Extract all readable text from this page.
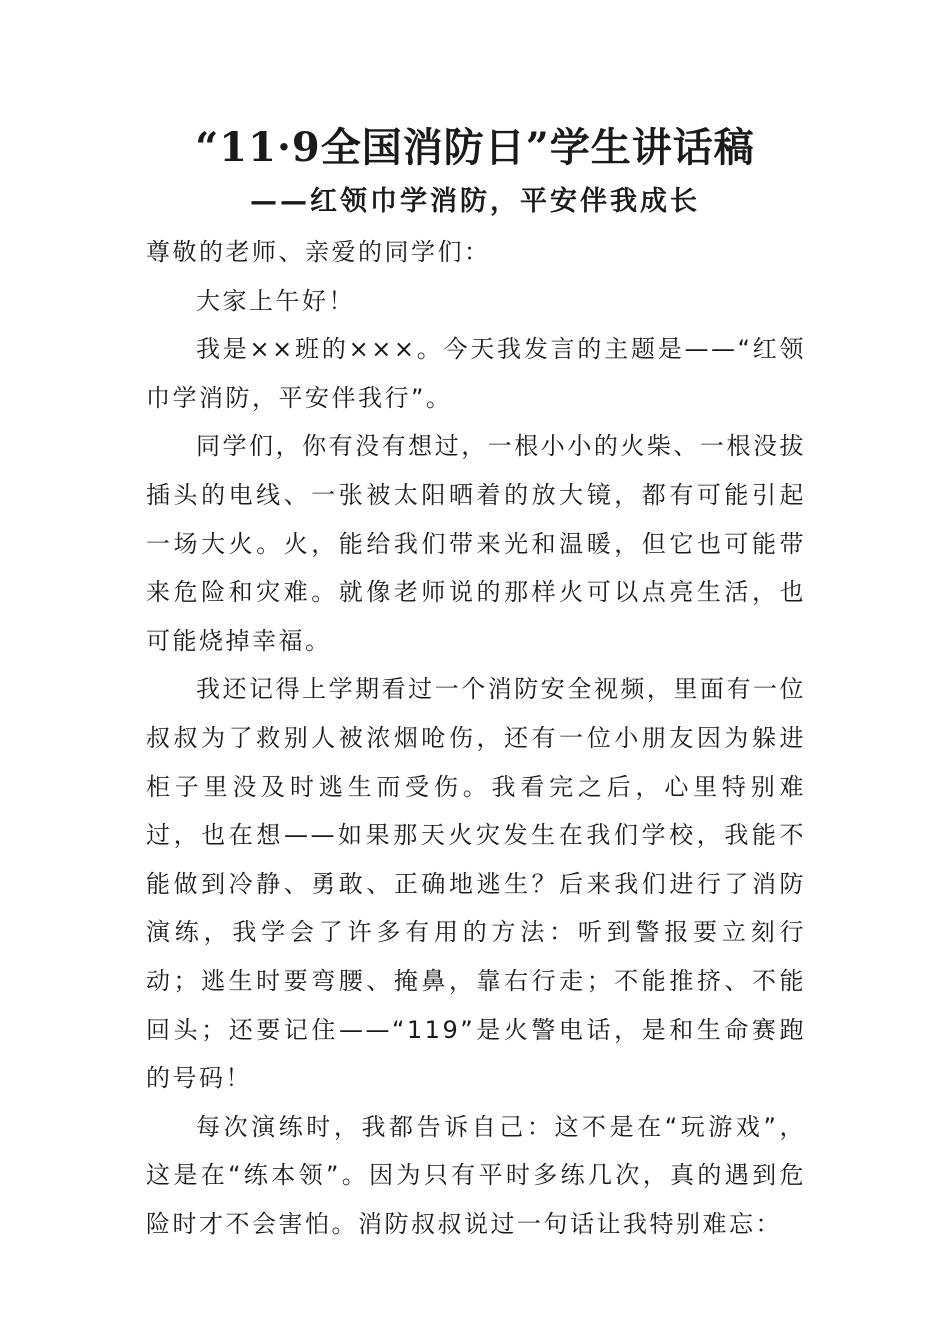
“11·9全国消防日”学生讲话稿
——红领巾学消防，平安伴我成长

尊敬的老师、亲爱的同学们：

大家上午好！

我是××班的×××。今天我发言的主题是——“红领巾学消防，平安伴我行”。

同学们，你有没有想过，一根小小的火柴、一根没拔插头的电线、一张被太阳晒着的放大镜，都有可能引起一场大火。火，能给我们带来光和温暖，但它也可能带来危险和灾难。就像老师说的那样火可以点亮生活，也可能烧掉幸福。

我还记得上学期看过一个消防安全视频，里面有一位叔叔为了救别人被浓烟呛伤，还有一位小朋友因为躲进柜子里没及时逃生而受伤。我看完之后，心里特别难过，也在想——如果那天火灾发生在我们学校，我能不能做到冷静、勇敢、正确地逃生？后来我们进行了消防演练，我学会了许多有用的方法：听到警报要立刻行动；逃生时要弯腰、掩鼻，靠右行走；不能推挤、不能回头；还要记住——“119”是火警电话，是和生命赛跑的号码！

每次演练时，我都告诉自己：这不是在“玩游戏”，这是在“练本领”。因为只有平时多练几次，真的遇到危险时才不会害怕。消防叔叔说过一句话让我特别难忘：
